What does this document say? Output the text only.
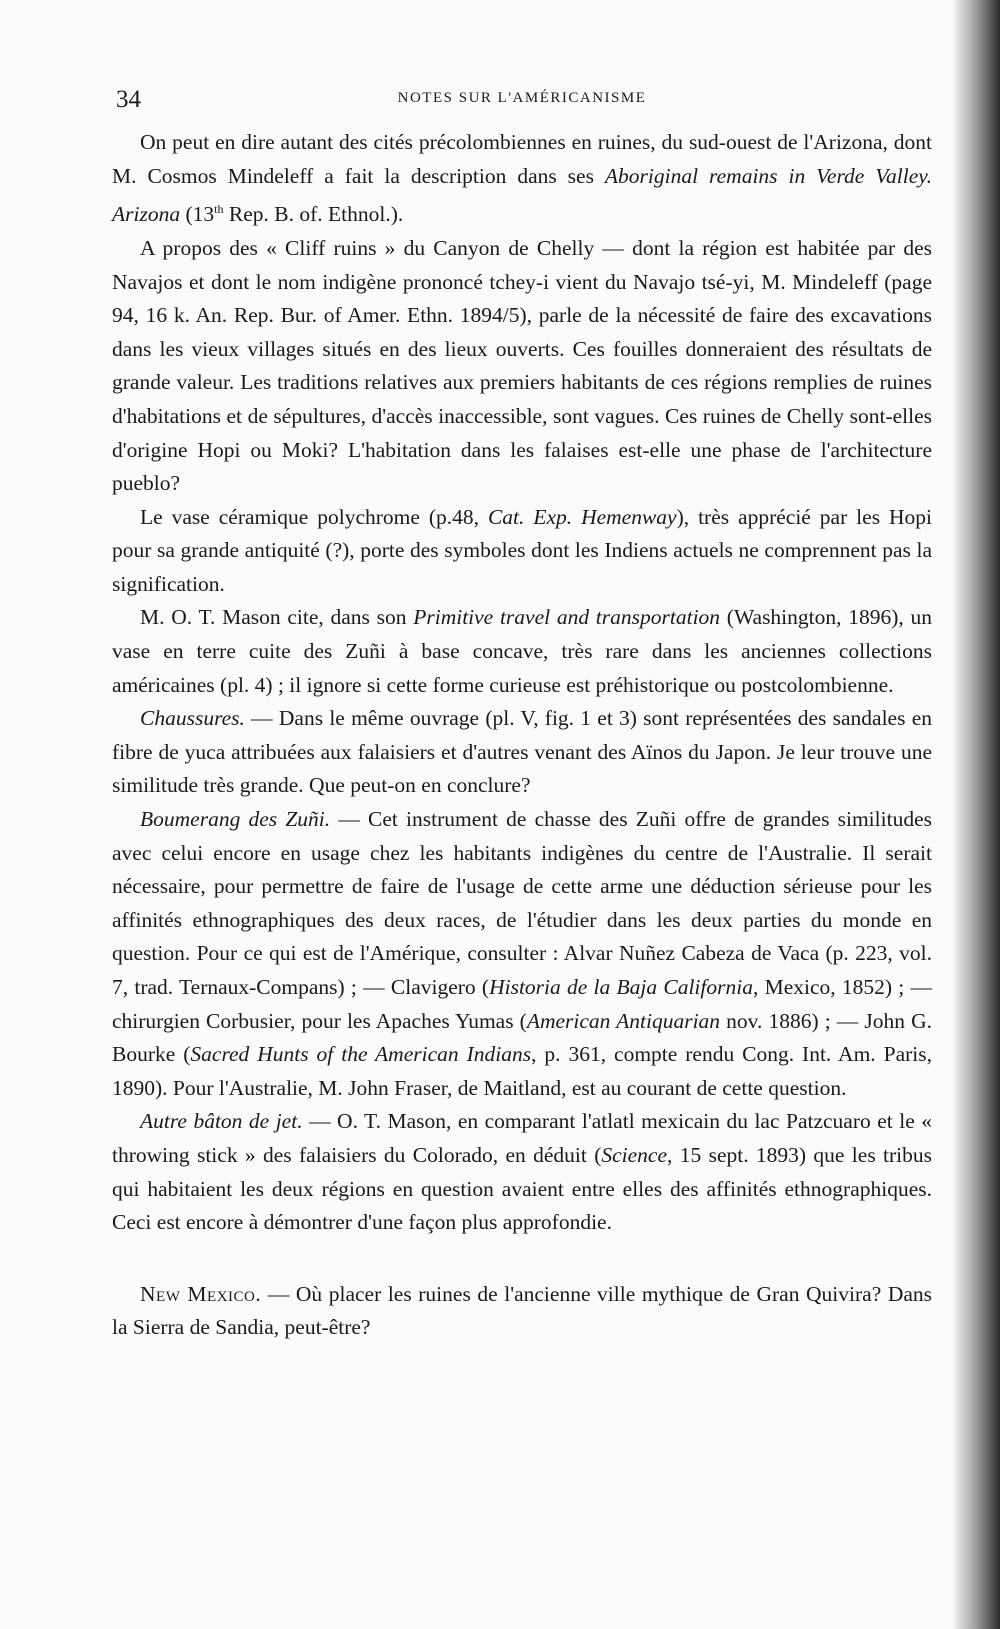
34	NOTES SUR L'AMÉRICANISME

On peut en dire autant des cités précolombiennes en ruines, du sud-ouest de l'Arizona, dont M. Cosmos Mindeleff a fait la description dans ses Aboriginal remains in Verde Valley. Arizona (13th Rep. B. of. Ethnol.).

A propos des « Cliff ruins » du Canyon de Chelly — dont la région est habitée par des Navajos et dont le nom indigène prononcé tchey-i vient du Navajo tsé-yi, M. Mindeleff (page 94, 16 k. An. Rep. Bur. of Amer. Ethn. 1894/5), parle de la nécessité de faire des excavations dans les vieux villages situés en des lieux ouverts. Ces fouilles donneraient des résultats de grande valeur. Les traditions relatives aux premiers habitants de ces régions remplies de ruines d'habitations et de sépultures, d'accès inaccessible, sont vagues. Ces ruines de Chelly sont-elles d'origine Hopi ou Moki? L'habitation dans les falaises est-elle une phase de l'architecture pueblo?

Le vase céramique polychrome (p.48, Cat. Exp. Hemenway), très apprécié par les Hopi pour sa grande antiquité (?), porte des symboles dont les Indiens actuels ne comprennent pas la signification.

M. O. T. Mason cite, dans son Primitive travel and transportation (Washington, 1896), un vase en terre cuite des Zuñi à base concave, très rare dans les anciennes collections américaines (pl. 4) ; il ignore si cette forme curieuse est préhistorique ou postcolombienne.

Chaussures. — Dans le même ouvrage (pl. V, fig. 1 et 3) sont représentées des sandales en fibre de yuca attribuées aux falaisiers et d'autres venant des Aïnos du Japon. Je leur trouve une similitude très grande. Que peut-on en conclure?

Boumerang des Zuñi. — Cet instrument de chasse des Zuñi offre de grandes similitudes avec celui encore en usage chez les habitants indigènes du centre de l'Australie. Il serait nécessaire, pour permettre de faire de l'usage de cette arme une déduction sérieuse pour les affinités ethnographiques des deux races, de l'étudier dans les deux parties du monde en question. Pour ce qui est de l'Amérique, consulter : Alvar Nuñez Cabeza de Vaca (p. 223, vol. 7, trad. Ternaux-Compans) ; — Clavigero (Historia de la Baja California, Mexico, 1852) ; — chirurgien Corbusier, pour les Apaches Yumas (American Antiquarian nov. 1886) ; — John G. Bourke (Sacred Hunts of the American Indians, p. 361, compte rendu Cong. Int. Am. Paris, 1890). Pour l'Australie, M. John Fraser, de Maitland, est au courant de cette question.

Autre bâton de jet. — O. T. Mason, en comparant l'atlatl mexicain du lac Patzcuaro et le « throwing stick » des falaisiers du Colorado, en déduit (Science, 15 sept. 1893) que les tribus qui habitaient les deux régions en question avaient entre elles des affinités ethnographiques. Ceci est encore à démontrer d'une façon plus approfondie.

New Mexico. — Où placer les ruines de l'ancienne ville mythique de Gran Quivira? Dans la Sierra de Sandia, peut-être?
